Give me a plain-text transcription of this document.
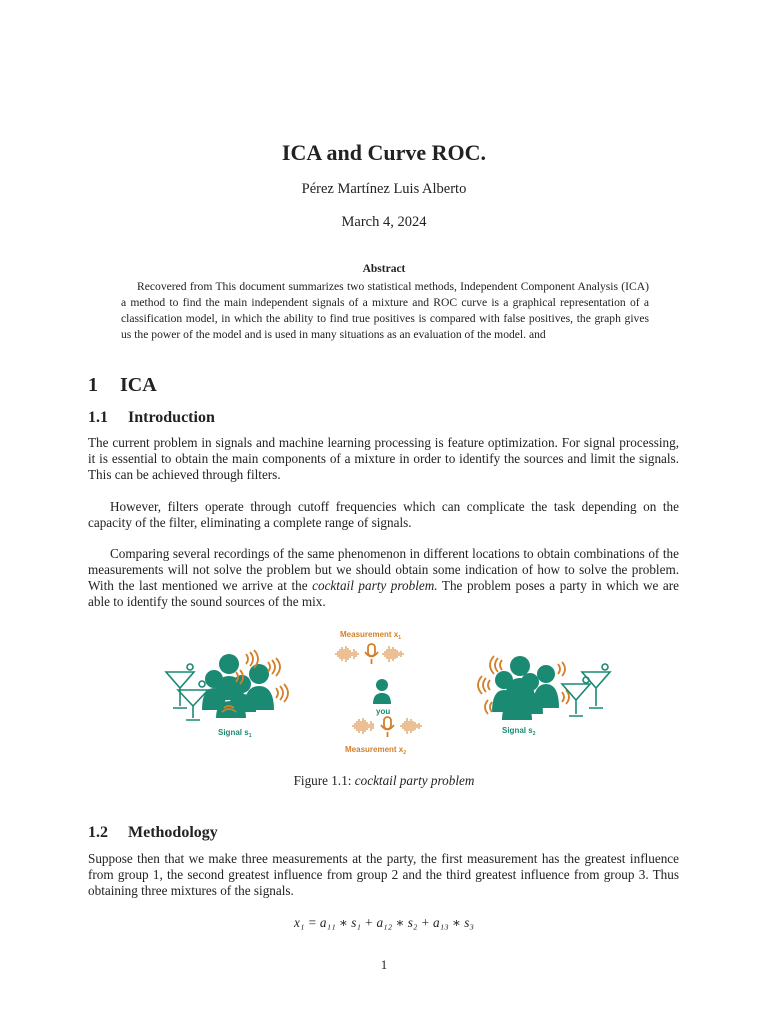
ICA and Curve ROC.
Pérez Martínez Luis Alberto
March 4, 2024
Abstract
Recovered from This document summarizes two statistical methods, Independent Component Analysis (ICA) a method to find the main independent signals of a mixture and ROC curve is a graphical representation of a classification model, in which the ability to find true positives is compared with false positives, the graph gives us the power of the model and is used in many situations as an evaluation of the model. and
1 ICA
1.1 Introduction
The current problem in signals and machine learning processing is feature optimization. For signal processing, it is essential to obtain the main components of a mixture in order to identify the sources and limit the signals. This can be achieved through filters.
However, filters operate through cutoff frequencies which can complicate the task depending on the capacity of the filter, eliminating a complete range of signals.
Comparing several recordings of the same phenomenon in different locations to obtain combinations of the measurements will not solve the problem but we should obtain some indication of how to solve the problem. With the last mentioned we arrive at the cocktail party problem. The problem poses a party in which we are able to identify the sound sources of the mix.
Signal $s_1$
Measurement $x_1$
you
Measurement $x_2$
Signal $s_2$
Figure 1.1: cocktail party problem
1.2 Methodology
Suppose then that we make three measurements at the party, the first measurement has the greatest influence from group 1, the second greatest influence from group 2 and the third greatest influence from group 3. Thus obtaining three mixtures of the signals.
x₁ = a₁₁ ∗ s₁ + a₁₂ ∗ s₂ + a₁₃ ∗ s₃
1
